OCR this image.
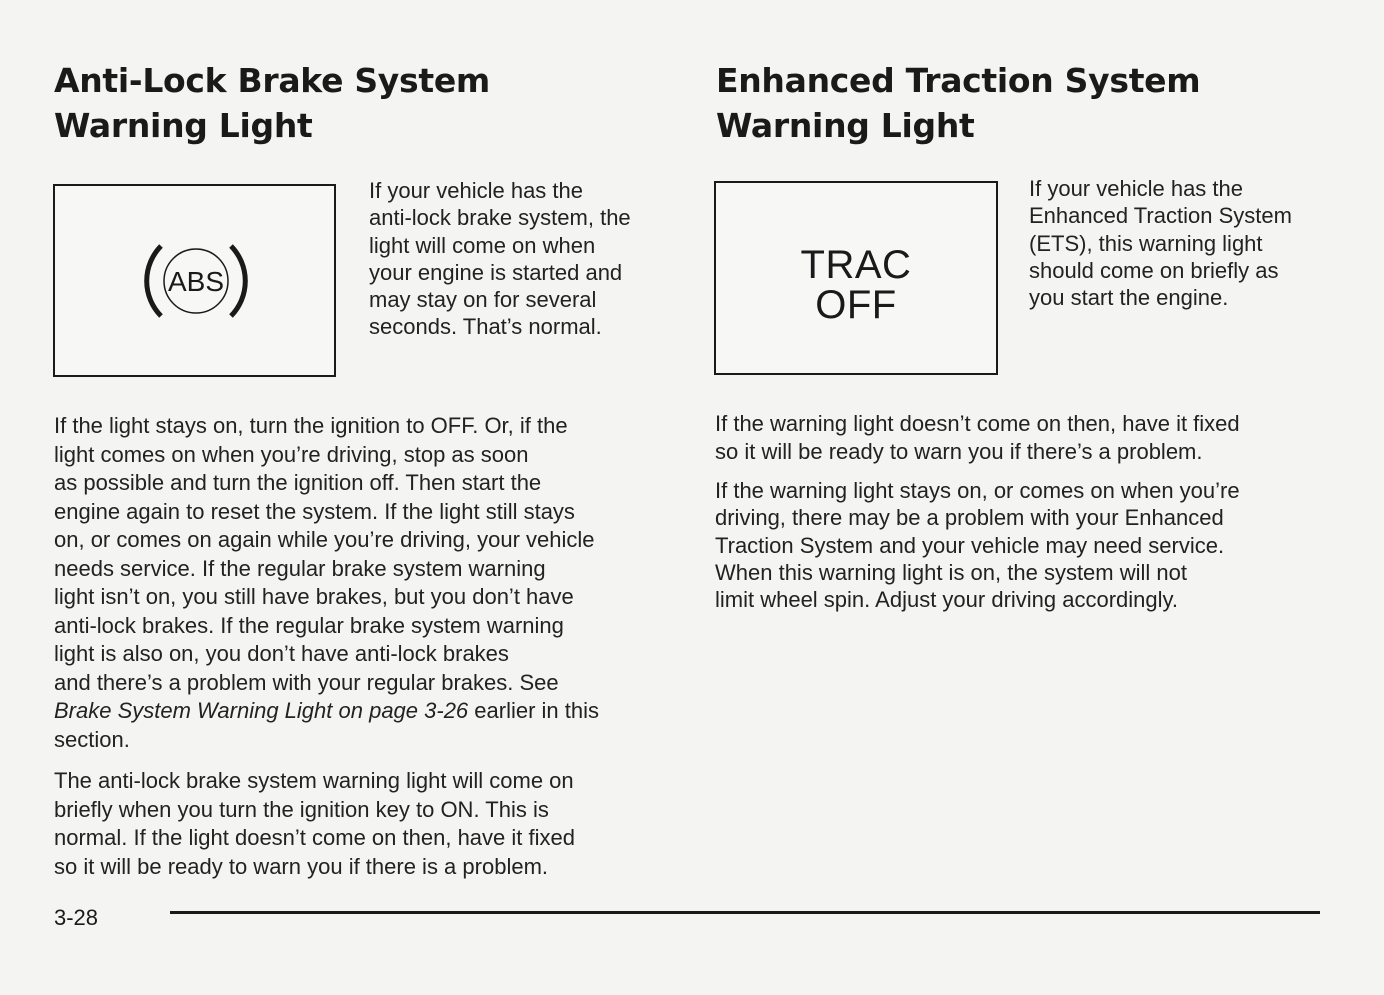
Anti-Lock Brake System
Warning Light
ABS
If your vehicle has the
anti-lock brake system, the
light will come on when
your engine is started and
may stay on for several
seconds. That’s normal.
If the light stays on, turn the ignition to OFF. Or, if the
light comes on when you’re driving, stop as soon
as possible and turn the ignition off. Then start the
engine again to reset the system. If the light still stays
on, or comes on again while you’re driving, your vehicle
needs service. If the regular brake system warning
light isn’t on, you still have brakes, but you don’t have
anti-lock brakes. If the regular brake system warning
light is also on, you don’t have anti-lock brakes
and there’s a problem with your regular brakes. See
Brake System Warning Light on page 3-26 earlier in this
section.
The anti-lock brake system warning light will come on
briefly when you turn the ignition key to ON. This is
normal. If the light doesn’t come on then, have it fixed
so it will be ready to warn you if there is a problem.
Enhanced Traction System
Warning Light
TRAC
OFF
If your vehicle has the
Enhanced Traction System
(ETS), this warning light
should come on briefly as
you start the engine.
If the warning light doesn’t come on then, have it fixed
so it will be ready to warn you if there’s a problem.
If the warning light stays on, or comes on when you’re
driving, there may be a problem with your Enhanced
Traction System and your vehicle may need service.
When this warning light is on, the system will not
limit wheel spin. Adjust your driving accordingly.
3-28
